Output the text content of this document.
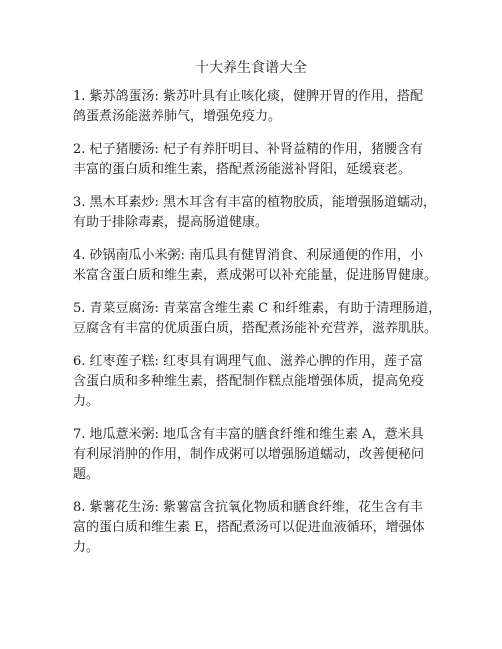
十大养生食谱大全
1. 紫苏鸽蛋汤: 紫苏叶具有止咳化痰，健脾开胃的作用，搭配
鸽蛋煮汤能滋养肺气，增强免疫力。
2. 杞子猪腰汤: 杞子有养肝明目、补肾益精的作用，猪腰含有
丰富的蛋白质和维生素，搭配煮汤能滋补肾阳，延缓衰老。
3. 黑木耳素炒: 黑木耳含有丰富的植物胶质，能增强肠道蠕动，
有助于排除毒素，提高肠道健康。
4. 砂锅南瓜小米粥: 南瓜具有健胃消食、利尿通便的作用，小
米富含蛋白质和维生素，煮成粥可以补充能量，促进肠胃健康。
5. 青菜豆腐汤: 青菜富含维生素 C 和纤维素，有助于清理肠道，
豆腐含有丰富的优质蛋白质，搭配煮汤能补充营养，滋养肌肤。
6. 红枣莲子糕: 红枣具有调理气血、滋养心脾的作用，莲子富
含蛋白质和多种维生素，搭配制作糕点能增强体质，提高免疫
力。
7. 地瓜薏米粥: 地瓜含有丰富的膳食纤维和维生素 A，薏米具
有利尿消肿的作用，制作成粥可以增强肠道蠕动，改善便秘问
题。
8. 紫薯花生汤: 紫薯富含抗氧化物质和膳食纤维，花生含有丰
富的蛋白质和维生素 E，搭配煮汤可以促进血液循环，增强体
力。
